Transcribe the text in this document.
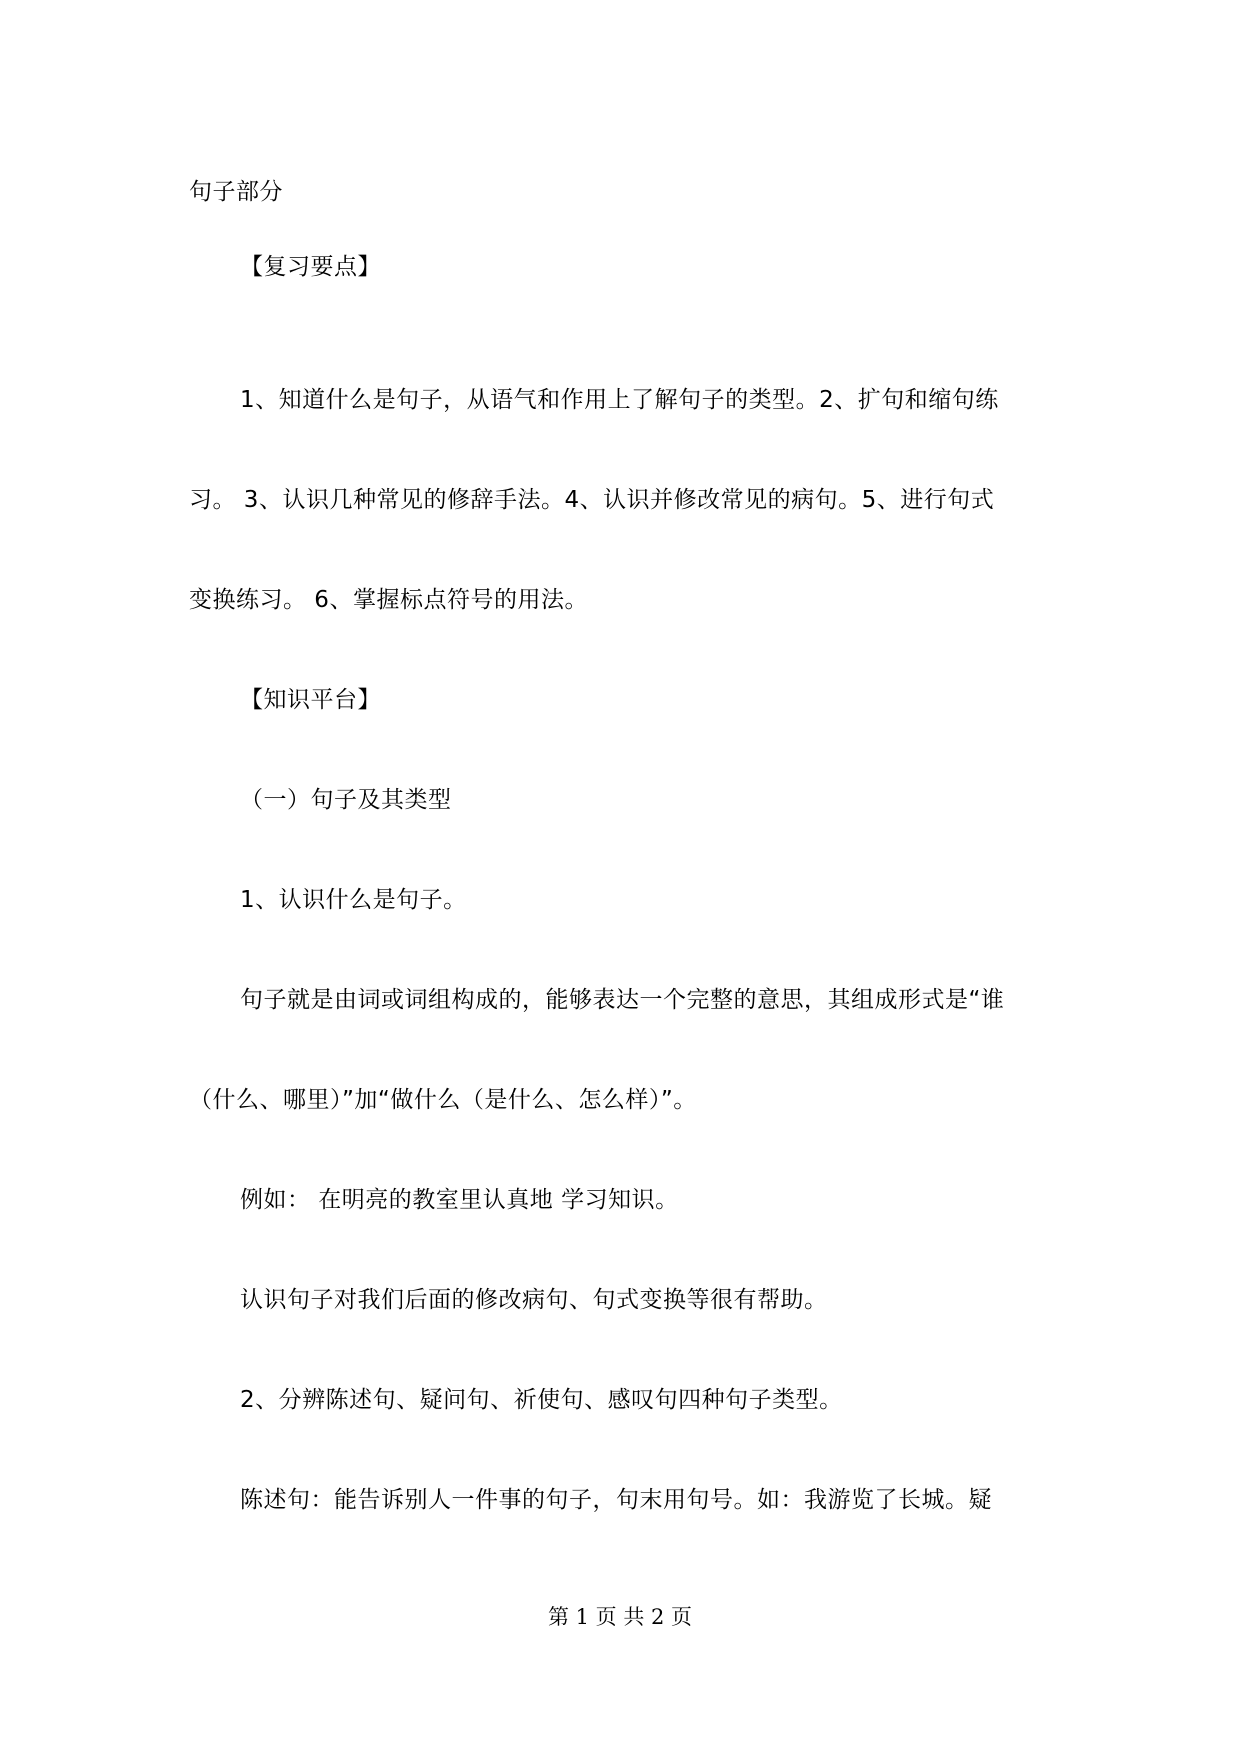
句子部分
【复习要点】
1、知道什么是句子，从语气和作用上了解句子的类型。2、扩句和缩句练
习。 3、认识几种常见的修辞手法。4、认识并修改常见的病句。5、进行句式
变换练习。 6、掌握标点符号的用法。
【知识平台】
（一）句子及其类型
1、认识什么是句子。
句子就是由词或词组构成的，能够表达一个完整的意思，其组成形式是“谁
（什么、哪里）”加“做什么（是什么、怎么样）”。
例如： 在明亮的教室里认真地 学习知识。
认识句子对我们后面的修改病句、句式变换等很有帮助。
2、分辨陈述句、疑问句、祈使句、感叹句四种句子类型。
陈述句：能告诉别人一件事的句子，句末用句号。如：我游览了长城。疑
第 1 页 共 2 页
